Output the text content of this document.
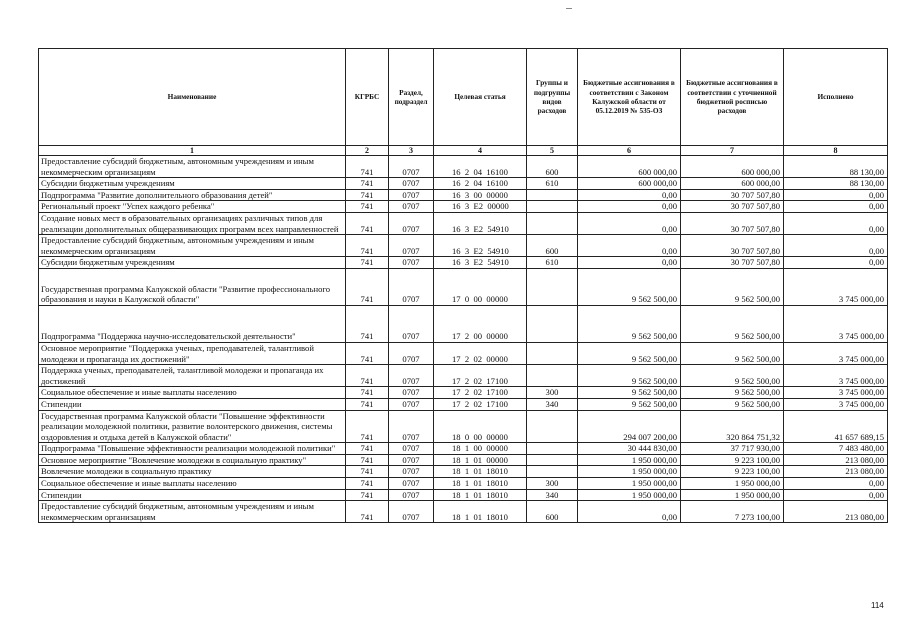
Наименование	КГРБС	Раздел, подраздел	Целевая статья	Группы и подгруппы видов расходов	Бюджетные ассигнования в соответствии с Законом Калужской области от 05.12.2019 № 535-ОЗ	Бюджетные ассигнования в соответствии с уточненной бюджетной росписью расходов	Исполнено
1	2	3	4	5	6	7	8
Предоставление субсидий бюджетным, автономным учреждениям и иным некоммерческим организациям	741	0707	16  2  04  16100	600	600 000,00	600 000,00	88 130,00
Субсидии бюджетным учреждениям	741	0707	16  2  04  16100	610	600 000,00	600 000,00	88 130,00
Подпрограмма "Развитие дополнительного образования детей"	741	0707	16  3  00  00000		0,00	30 707 507,80	0,00
Региональный проект "Успех каждого ребенка"	741	0707	16  3  E2  00000		0,00	30 707 507,80	0,00
Создание новых мест в образовательных организациях различных типов для реализации дополнительных общеразвивающих программ всех направленностей	741	0707	16  3  E2  54910		0,00	30 707 507,80	0,00
Предоставление субсидий бюджетным, автономным учреждениям и иным некоммерческим организациям	741	0707	16  3  E2  54910	600	0,00	30 707 507,80	0,00
Субсидии бюджетным учреждениям	741	0707	16  3  E2  54910	610	0,00	30 707 507,80	0,00
Государственная программа Калужской области "Развитие профессионального образования и науки в Калужской области"	741	0707	17  0  00  00000		9 562 500,00	9 562 500,00	3 745 000,00
Подпрограмма "Поддержка научно-исследовательской деятельности"	741	0707	17  2  00  00000		9 562 500,00	9 562 500,00	3 745 000,00
Основное мероприятие "Поддержка ученых, преподавателей, талантливой молодежи и пропаганда их достижений"	741	0707	17  2  02  00000		9 562 500,00	9 562 500,00	3 745 000,00
Поддержка ученых, преподавателей, талантливой молодежи и пропаганда их достижений	741	0707	17  2  02  17100		9 562 500,00	9 562 500,00	3 745 000,00
Социальное обеспечение и иные выплаты населению	741	0707	17  2  02  17100	300	9 562 500,00	9 562 500,00	3 745 000,00
Стипендии	741	0707	17  2  02  17100	340	9 562 500,00	9 562 500,00	3 745 000,00
Государственная программа Калужской области "Повышение эффективности реализации молодежной политики, развитие волонтерского движения, системы оздоровления и отдыха детей в Калужской области"	741	0707	18  0  00  00000		294 007 200,00	320 864 751,32	41 657 689,15
Подпрограмма "Повышение эффективности реализации молодежной политики"	741	0707	18  1  00  00000		30 444 830,00	37 717 930,00	7 483 480,00
Основное мероприятие "Вовлечение молодежи в социальную практику"	741	0707	18  1  01  00000		1 950 000,00	9 223 100,00	213 080,00
Вовлечение молодежи в социальную практику	741	0707	18  1  01  18010		1 950 000,00	9 223 100,00	213 080,00
Социальное обеспечение и иные выплаты населению	741	0707	18  1  01  18010	300	1 950 000,00	1 950 000,00	0,00
Стипендии	741	0707	18  1  01  18010	340	1 950 000,00	1 950 000,00	0,00
Предоставление субсидий бюджетным, автономным учреждениям и иным некоммерческим организациям	741	0707	18  1  01  18010	600	0,00	7 273 100,00	213 080,00
114
